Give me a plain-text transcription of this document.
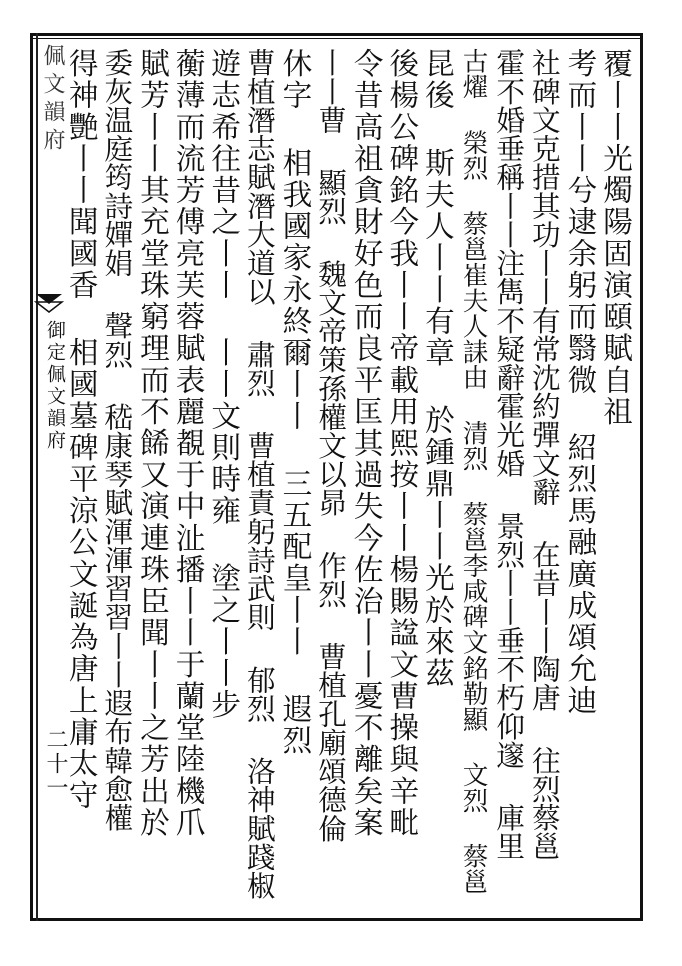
佩文韻府
御定佩文韻府
二十一
覆丨丨光燭陽固演頤賦自祖
考而丨丨兮逮余躬而翳微 紹烈馬融廣成頌允迪
社碑文克措其功丨丨有常沈約彈文辭 在昔丨丨陶唐 往烈蔡邕
霍不婚垂稱丨丨注雋不疑辭霍光婚 景烈丨丨垂不朽仰邃 庫里
古燿 榮烈 蔡邕崔夫人誄由 清烈 蔡邕李咸碑文銘勒顯 文烈 蔡邕
昆後 斯夫人丨丨有章 於鍾鼎丨丨光於來茲
後楊公碑銘今我丨丨帝載用熙按丨丨楊賜諡文曹操與辛毗
令昔高祖貪財好色而良平匡其過失今佐治丨丨憂不離矣案
丨丨曹 顯烈 魏文帝策孫權文以昴 作烈 曹植孔廟頌德倫
休字 相我國家永終爾丨丨 三五配皇丨丨 遐烈
曹植潛志賦潛大道以 肅烈 曹植責躬詩武則 郁烈 洛神賦踐椒
遊志希往昔之丨丨 丨丨文則時雍 塗之丨丨步
蘅薄而流芳傅亮芙蓉賦表麗覩于中沚播丨丨于蘭堂陸機爪
賦芳丨丨其充堂珠窮理而不餙又演連珠臣聞丨丨之芳出於
委灰温庭筠詩嬋娟 聲烈 嵇康琴賦渾渾習習丨丨遐布韓愈權
得神艷丨丨聞國香 相國墓碑平涼公文誕為唐上庸太守
